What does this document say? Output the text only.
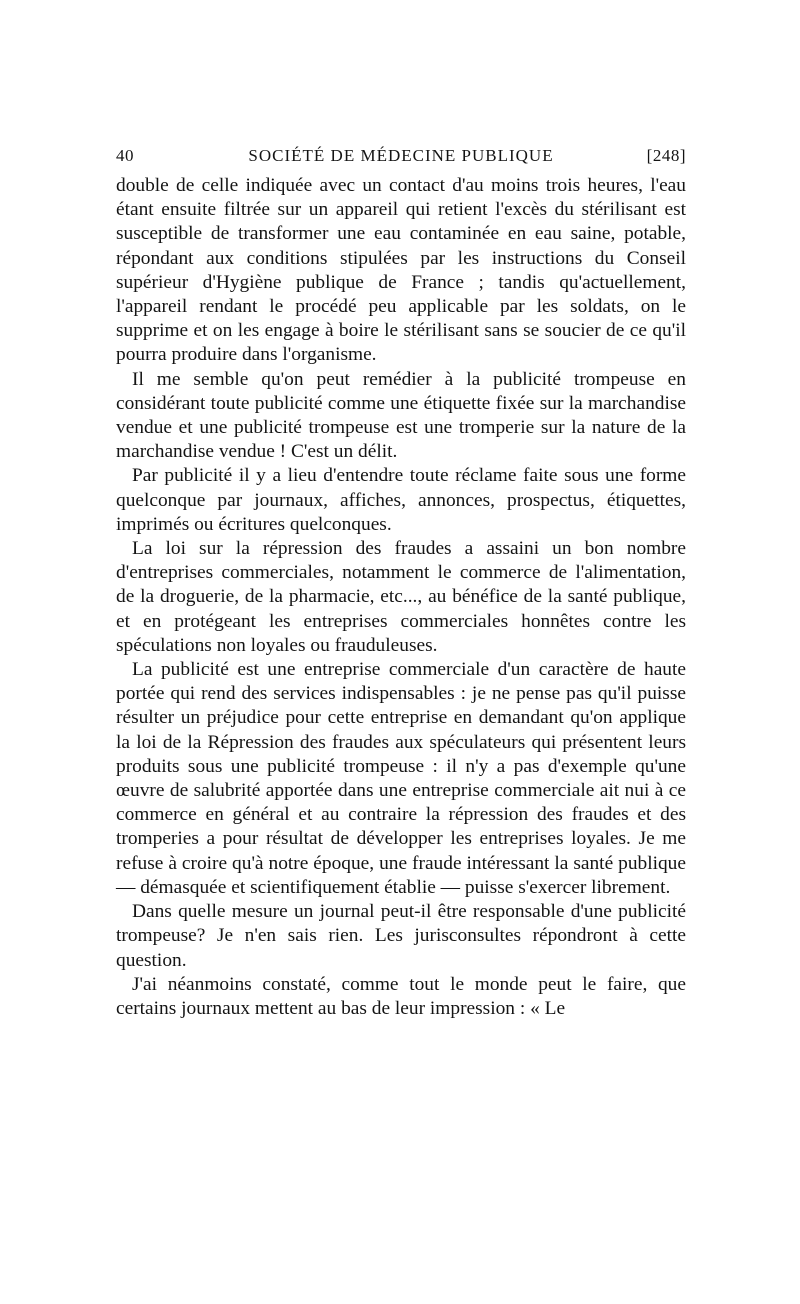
40	SOCIÉTÉ DE MÉDECINE PUBLIQUE	[248]

double de celle indiquée avec un contact d'au moins trois heures, l'eau étant ensuite filtrée sur un appareil qui retient l'excès du stérilisant est susceptible de transformer une eau contaminée en eau saine, potable, répondant aux conditions stipulées par les instructions du Conseil supérieur d'Hygiène publique de France ; tandis qu'actuellement, l'appareil rendant le procédé peu applicable par les soldats, on le supprime et on les engage à boire le stérilisant sans se soucier de ce qu'il pourra produire dans l'organisme.

Il me semble qu'on peut remédier à la publicité trompeuse en considérant toute publicité comme une étiquette fixée sur la marchandise vendue et une publicité trompeuse est une tromperie sur la nature de la marchandise vendue ! C'est un délit.

Par publicité il y a lieu d'entendre toute réclame faite sous une forme quelconque par journaux, affiches, annonces, prospectus, étiquettes, imprimés ou écritures quelconques.

La loi sur la répression des fraudes a assaini un bon nombre d'entreprises commerciales, notamment le commerce de l'alimentation, de la droguerie, de la pharmacie, etc..., au bénéfice de la santé publique, et en protégeant les entreprises commerciales honnêtes contre les spéculations non loyales ou frauduleuses.

La publicité est une entreprise commerciale d'un caractère de haute portée qui rend des services indispensables : je ne pense pas qu'il puisse résulter un préjudice pour cette entreprise en demandant qu'on applique la loi de la Répression des fraudes aux spéculateurs qui présentent leurs produits sous une publicité trompeuse : il n'y a pas d'exemple qu'une œuvre de salubrité apportée dans une entreprise commerciale ait nui à ce commerce en général et au contraire la répression des fraudes et des tromperies a pour résultat de développer les entreprises loyales. Je me refuse à croire qu'à notre époque, une fraude intéressant la santé publique — démasquée et scientifiquement établie — puisse s'exercer librement.

Dans quelle mesure un journal peut-il être responsable d'une publicité trompeuse? Je n'en sais rien. Les jurisconsultes répondront à cette question.

J'ai néanmoins constaté, comme tout le monde peut le faire, que certains journaux mettent au bas de leur impression : « Le
